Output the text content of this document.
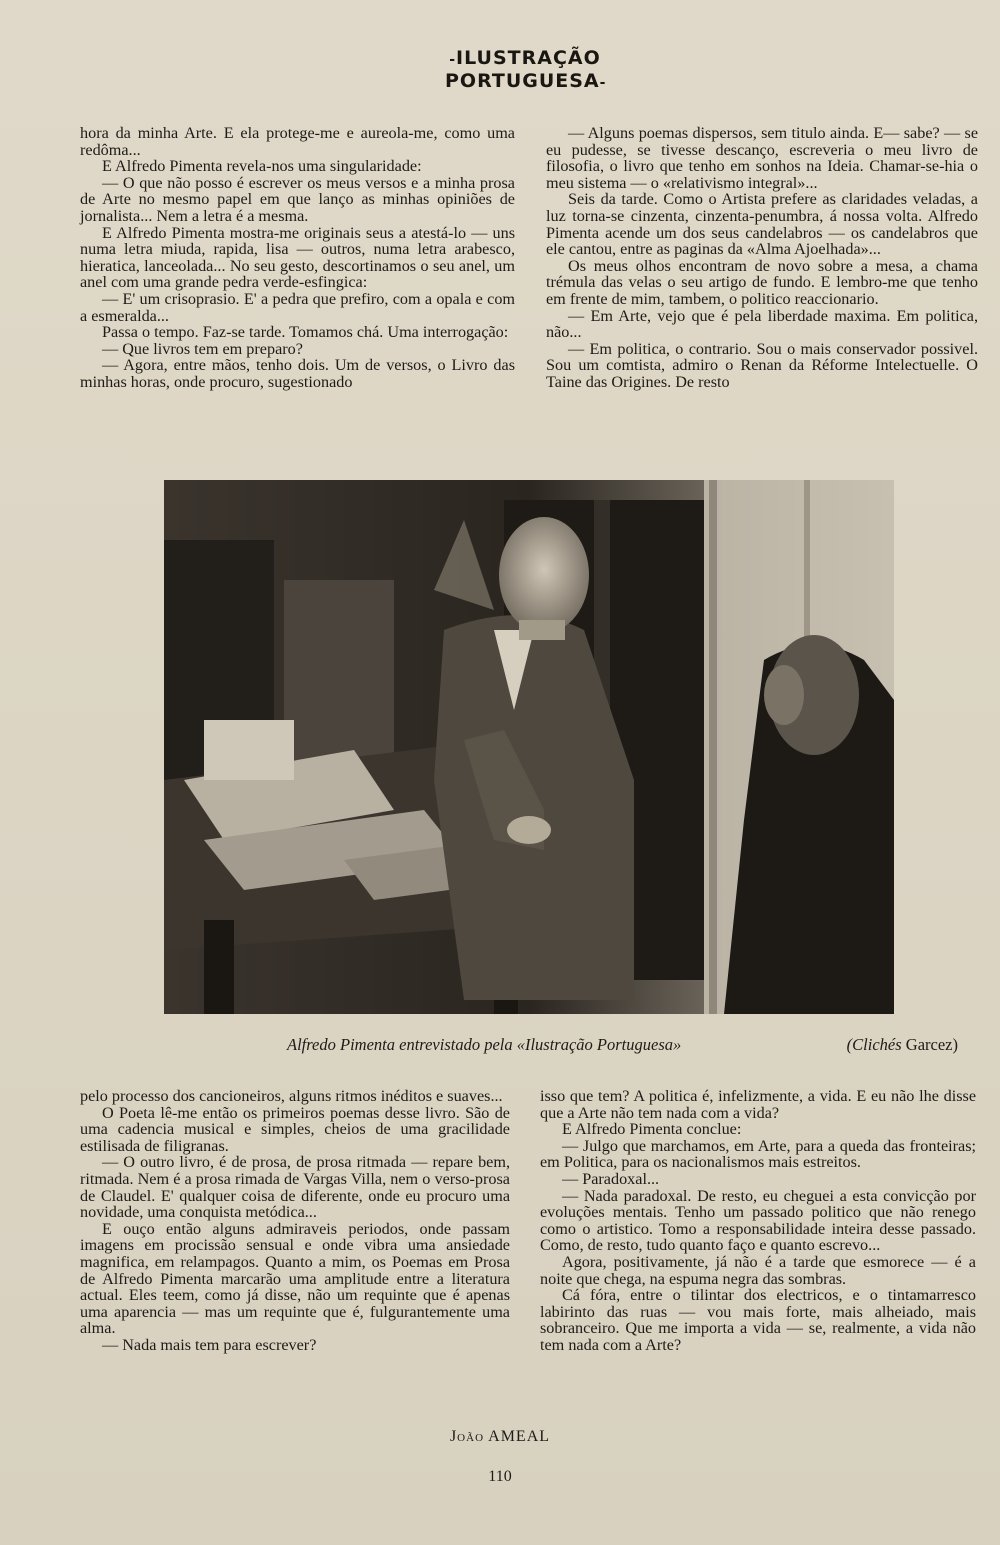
-ILUSTRAÇÃO
PORTUGUESA-

hora da minha Arte. E ela protege-me e aureola-me, como uma redôma...

E Alfredo Pimenta revela-nos uma singularidade:

— O que não posso é escrever os meus versos e a minha prosa de Arte no mesmo papel em que lanço as minhas opiniões de jornalista... Nem a letra é a mesma.

E Alfredo Pimenta mostra-me originais seus a atestá-lo — uns numa letra miuda, rapida, lisa — outros, numa letra arabesco, hieratica, lanceolada... No seu gesto, descortinamos o seu anel, um anel com uma grande pedra verde-esfingica:

— E' um crisoprasio. E' a pedra que prefiro, com a opala e com a esmeralda...

Passa o tempo. Faz-se tarde. Tomamos chá. Uma interrogação:

— Que livros tem em preparo?

— Agora, entre mãos, tenho dois. Um de versos, o Livro das minhas horas, onde procuro, sugestionado

— Alguns poemas dispersos, sem titulo ainda. E— sabe? — se eu pudesse, se tivesse descanço, escreveria o meu livro de filosofia, o livro que tenho em sonhos na Ideia. Chamar-se-hia o meu sistema — o «relativismo integral»...

Seis da tarde. Como o Artista prefere as claridades veladas, a luz torna-se cinzenta, cinzenta-penumbra, á nossa volta. Alfredo Pimenta acende um dos seus candelabros — os candelabros que ele cantou, entre as paginas da «Alma Ajoelhada»...

Os meus olhos encontram de novo sobre a mesa, a chama trémula das velas o seu artigo de fundo. E lembro-me que tenho em frente de mim, tambem, o politico reaccionario.

— Em Arte, vejo que é pela liberdade maxima. Em politica, não...

— Em politica, o contrario. Sou o mais conservador possivel. Sou um comtista, admiro o Renan da Réforme Intelectuelle. O Taine das Origines. De resto

Alfredo Pimenta entrevistado pela «Ilustração Portuguesa»	(Clichés Garcez)

pelo processo dos cancioneiros, alguns ritmos inéditos e suaves...

O Poeta lê-me então os primeiros poemas desse livro. São de uma cadencia musical e simples, cheios de uma gracilidade estilisada de filigranas.

— O outro livro, é de prosa, de prosa ritmada — repare bem, ritmada. Nem é a prosa rimada de Vargas Villa, nem o verso-prosa de Claudel. E' qualquer coisa de diferente, onde eu procuro uma novidade, uma conquista metódica...

E ouço então alguns admiraveis periodos, onde passam imagens em procissão sensual e onde vibra uma ansiedade magnifica, em relampagos. Quanto a mim, os Poemas em Prosa de Alfredo Pimenta marcarão uma amplitude entre a literatura actual. Eles teem, como já disse, não um requinte que é apenas uma aparencia — mas um requinte que é, fulgurantemente uma alma.

— Nada mais tem para escrever?

isso que tem? A politica é, infelizmente, a vida. E eu não lhe disse que a Arte não tem nada com a vida?

E Alfredo Pimenta conclue:

— Julgo que marchamos, em Arte, para a queda das fronteiras; em Politica, para os nacionalismos mais estreitos.

— Paradoxal...

— Nada paradoxal. De resto, eu cheguei a esta convicção por evoluções mentais. Tenho um passado politico que não renego como o artistico. Tomo a responsabilidade inteira desse passado. Como, de resto, tudo quanto faço e quanto escrevo...

Agora, positivamente, já não é a tarde que esmorece — é a noite que chega, na espuma negra das sombras.

Cá fóra, entre o tilintar dos electricos, e o tintamarresco labirinto das ruas — vou mais forte, mais alheiado, mais sobranceiro. Que me importa a vida — se, realmente, a vida não tem nada com a Arte?

João AMEAL
110
